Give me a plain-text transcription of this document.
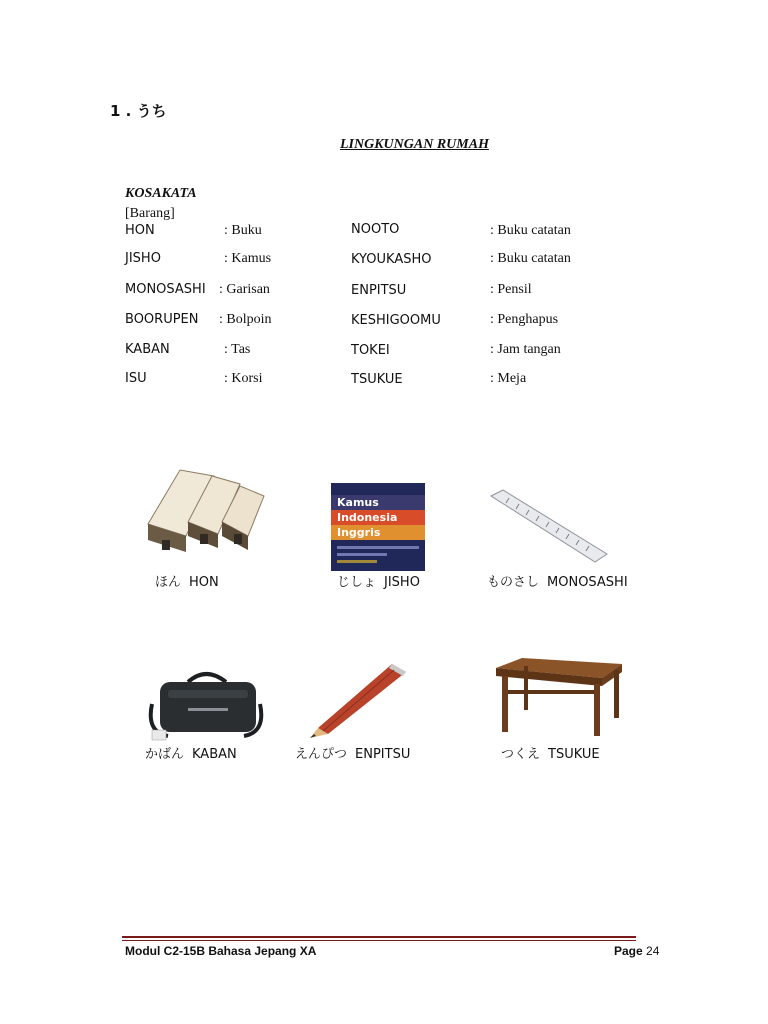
1 . うち
LINGKUNGAN RUMAH
KOSAKATA
[Barang]
HON	: Buku
JISHO	: Kamus
MONOSASHI : Garisan
BOORUPEN : Bolpoin
KABAN	: Tas
ISU	: Korsi
NOOTO	: Buku catatan
KYOUKASHO	: Buku catatan
ENPITSU	: Pensil
KESHIGOOMU	: Penghapus
TOKEI	: Jam tangan
TSUKUE	: Meja
ほん HON
Kamus
Indonesia
Inggris
じしょ JISHO	ものさし MONOSASHI
かばん KABAN	えんぴつ ENPITSU	つくえ TSUKUE
Modul C2-15B Bahasa Jepang XA	Page 24
